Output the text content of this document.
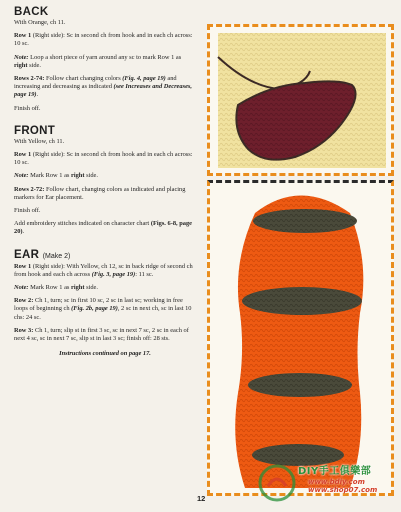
BACK

With Orange, ch 11.

Row 1 (Right side): Sc in second ch from hook and in each ch across: 10 sc.

Note: Loop a short piece of yarn around any sc to mark Row 1 as right side.

Rows 2-74: Follow chart changing colors (Fig. 4, page 19) and increasing and decreasing as indicated (see Increases and Decreases, page 19).

Finish off.

FRONT

With Yellow, ch 11.

Row 1 (Right side): Sc in second ch from hook and in each ch across: 10 sc.

Note: Mark Row 1 as right side.

Rows 2-72: Follow chart, changing colors as indicated and placing markers for Ear placement.

Finish off.

Add embroidery stitches indicated on character chart (Figs. 6-8, page 20).

EAR (Make 2)

Row 1 (Right side): With Yellow, ch 12, sc in back ridge of second ch from hook and each ch across (Fig. 3, page 19): 11 sc.

Note: Mark Row 1 as right side.

Row 2: Ch 1, turn; sc in first 10 sc, 2 sc in last sc; working in free loops of beginning ch (Fig. 2b, page 19), 2 sc in next ch, sc in last 10 chs: 24 sc.

Row 3: Ch 1, turn; slip st in first 3 sc, sc in next 7 sc, 2 sc in each of next 4 sc, sc in next 7 sc, slip st in last 3 sc; finish off: 28 sts.

Instructions continued on page 17.

12
DIY手工俱樂部
www.bdiy.com
www.shop07.com
